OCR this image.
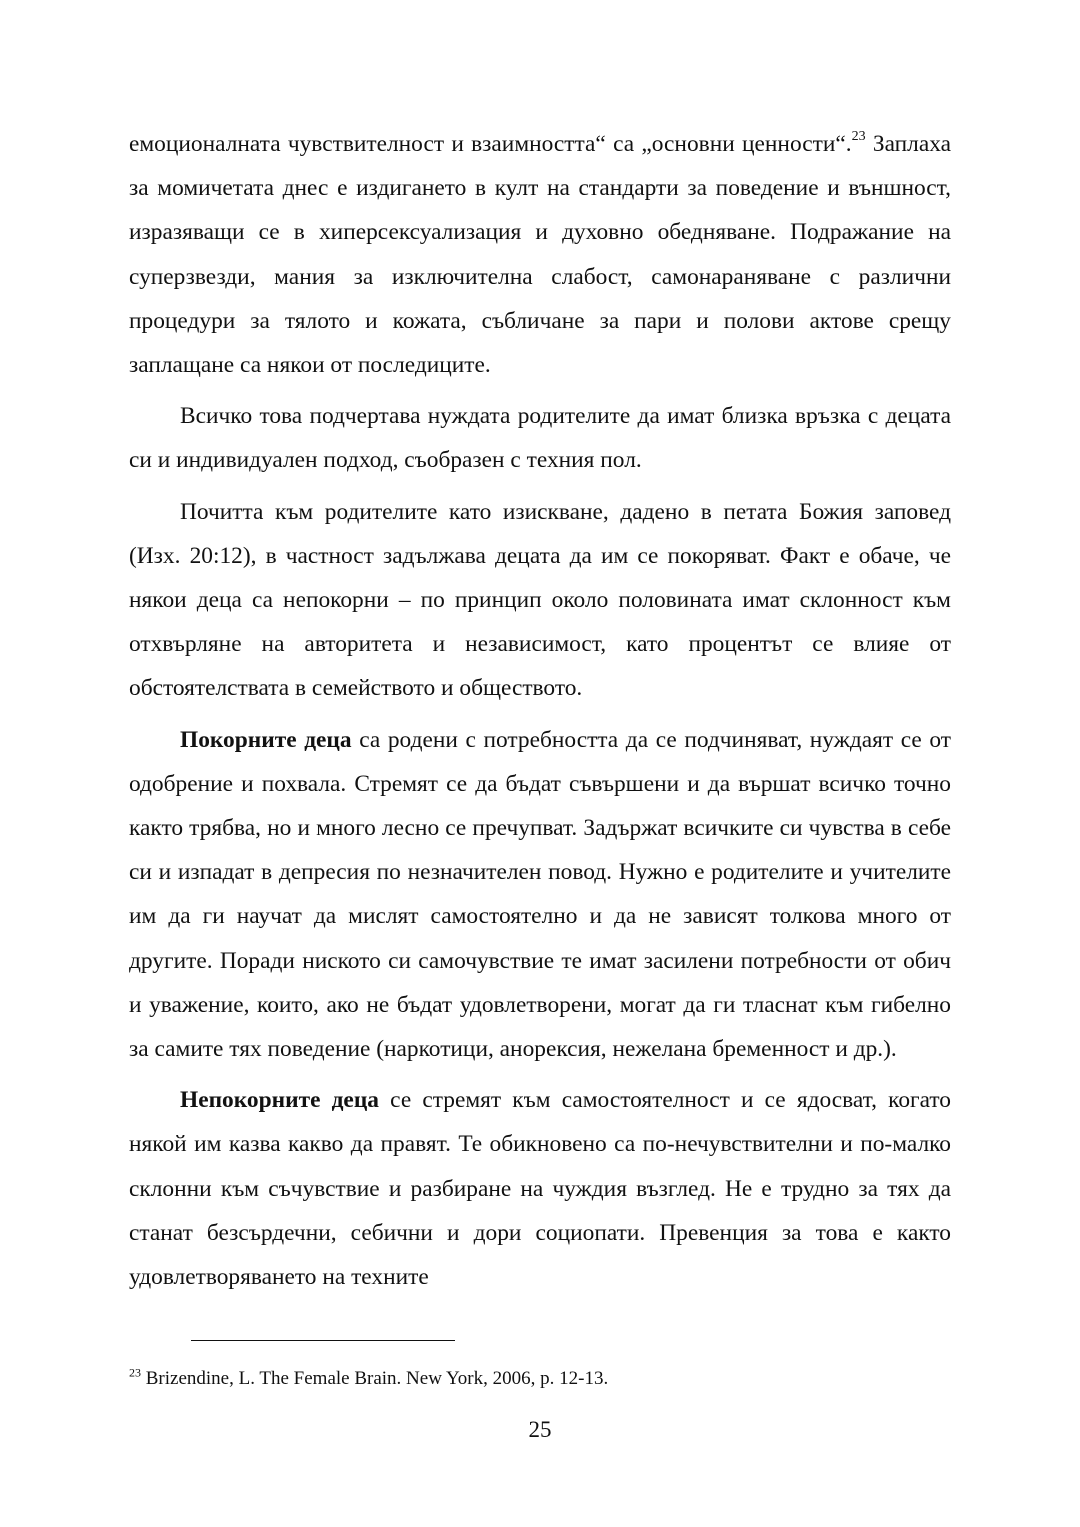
емоционалната чувствителност и взаимността“ са „основни ценности“.$^{23}$ Заплаха за момичетата днес е издигането в култ на стандарти за поведение и външност, изразяващи се в хиперсексуализация и духовно обедняване. Подражание на суперзвезди, мания за изключителна слабост, самонараняване с различни процедури за тялото и кожата, събличане за пари и полови актове срещу заплащане са някои от последиците.

Всичко това подчертава нуждата родителите да имат близка връзка с децата си и индивидуален подход, съобразен с техния пол.

Почитта към родителите като изискване, дадено в петата Божия заповед (Изх. 20:12), в частност задължава децата да им се покоряват. Факт е обаче, че някои деца са непокорни – по принцип около половината имат склонност към отхвърляне на авторитета и независимост, като процентът се влияе от обстоятелствата в семейството и обществото.

Покорните деца са родени с потребността да се подчиняват, нуждаят се от одобрение и похвала. Стремят се да бъдат съвършени и да вършат всичко точно както трябва, но и много лесно се пречупват. Задържат всичките си чувства в себе си и изпадат в депресия по незначителен повод. Нужно е родителите и учителите им да ги научат да мислят самостоятелно и да не зависят толкова много от другите. Поради ниското си самочувствие те имат засилени потребности от обич и уважение, които, ако не бъдат удовлетворени, могат да ги тласнат към гибелно за самите тях поведение (наркотици, анорексия, нежелана бременност и др.).

Непокорните деца се стремят към самостоятелност и се ядосват, когато някой им казва какво да правят. Те обикновено са по-нечувствителни и по-малко склонни към съчувствие и разбиране на чуждия възглед. Не е трудно за тях да станат безсърдечни, себични и дори социопати. Превенция за това е както удовлетворяването на техните

$^{23}$ Brizendine, L. The Female Brain. New York, 2006, p. 12-13.
25
